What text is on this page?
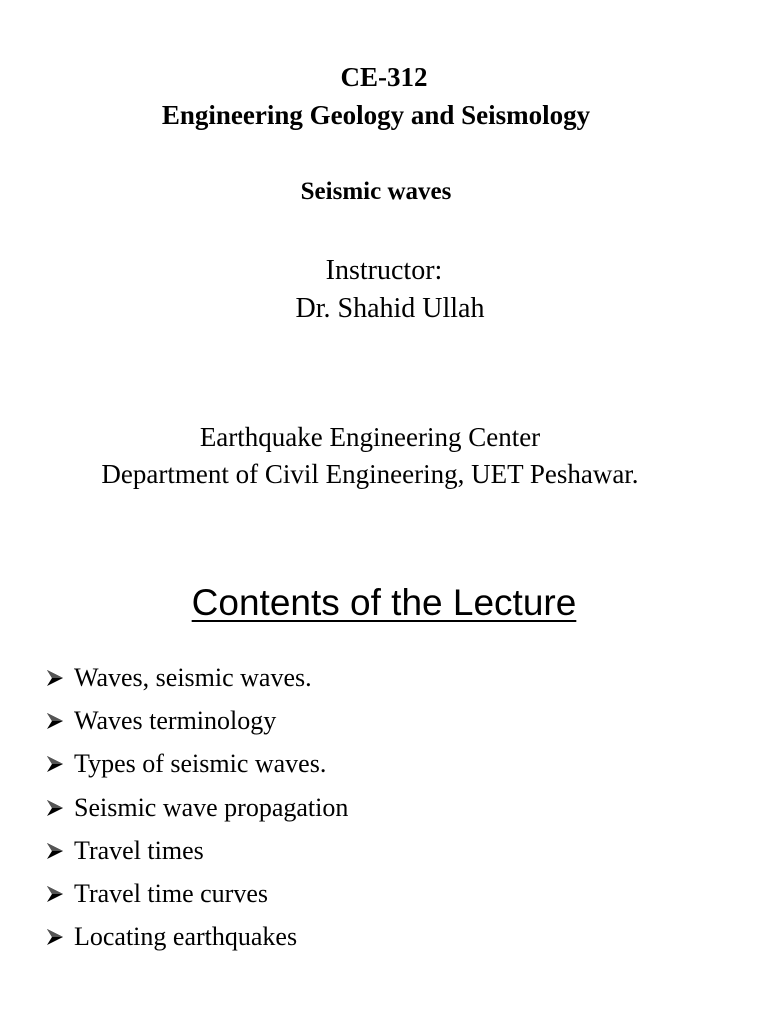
CE-312
Engineering Geology and Seismology
Seismic waves
Instructor:
Dr. Shahid Ullah
Earthquake Engineering Center
Department of Civil Engineering, UET Peshawar.
Contents of the Lecture
Waves, seismic waves.
Waves terminology
Types of seismic waves.
Seismic wave propagation
Travel times
Travel time curves
Locating earthquakes
